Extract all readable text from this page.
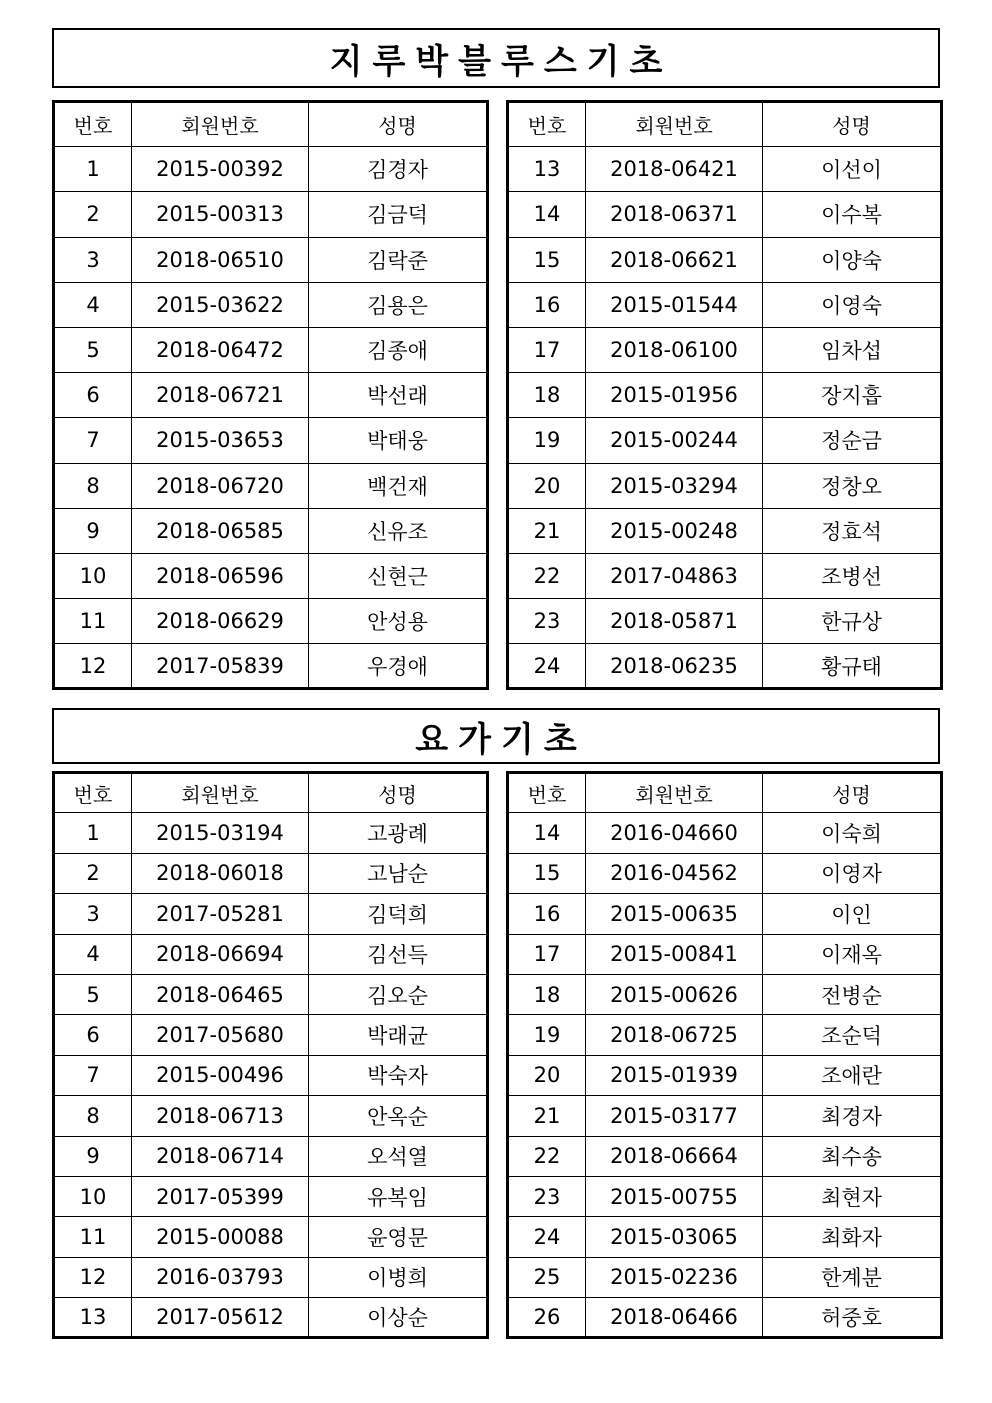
지루박블루스기초
번호	회원번호	성명
1	2015-00392	김경자
2	2015-00313	김금덕
3	2018-06510	김락준
4	2015-03622	김용은
5	2018-06472	김종애
6	2018-06721	박선래
7	2015-03653	박태웅
8	2018-06720	백건재
9	2018-06585	신유조
10	2018-06596	신현근
11	2018-06629	안성용
12	2017-05839	우경애
번호	회원번호	성명
13	2018-06421	이선이
14	2018-06371	이수복
15	2018-06621	이양숙
16	2015-01544	이영숙
17	2018-06100	임차섭
18	2015-01956	장지흡
19	2015-00244	정순금
20	2015-03294	정창오
21	2015-00248	정효석
22	2017-04863	조병선
23	2018-05871	한규상
24	2018-06235	황규태
요가기초
번호	회원번호	성명
1	2015-03194	고광례
2	2018-06018	고남순
3	2017-05281	김덕희
4	2018-06694	김선득
5	2018-06465	김오순
6	2017-05680	박래균
7	2015-00496	박숙자
8	2018-06713	안옥순
9	2018-06714	오석열
10	2017-05399	유복임
11	2015-00088	윤영문
12	2016-03793	이병희
13	2017-05612	이상순
번호	회원번호	성명
14	2016-04660	이숙희
15	2016-04562	이영자
16	2015-00635	이인
17	2015-00841	이재옥
18	2015-00626	전병순
19	2018-06725	조순덕
20	2015-01939	조애란
21	2015-03177	최경자
22	2018-06664	최수송
23	2015-00755	최현자
24	2015-03065	최화자
25	2015-02236	한계분
26	2018-06466	허중호
